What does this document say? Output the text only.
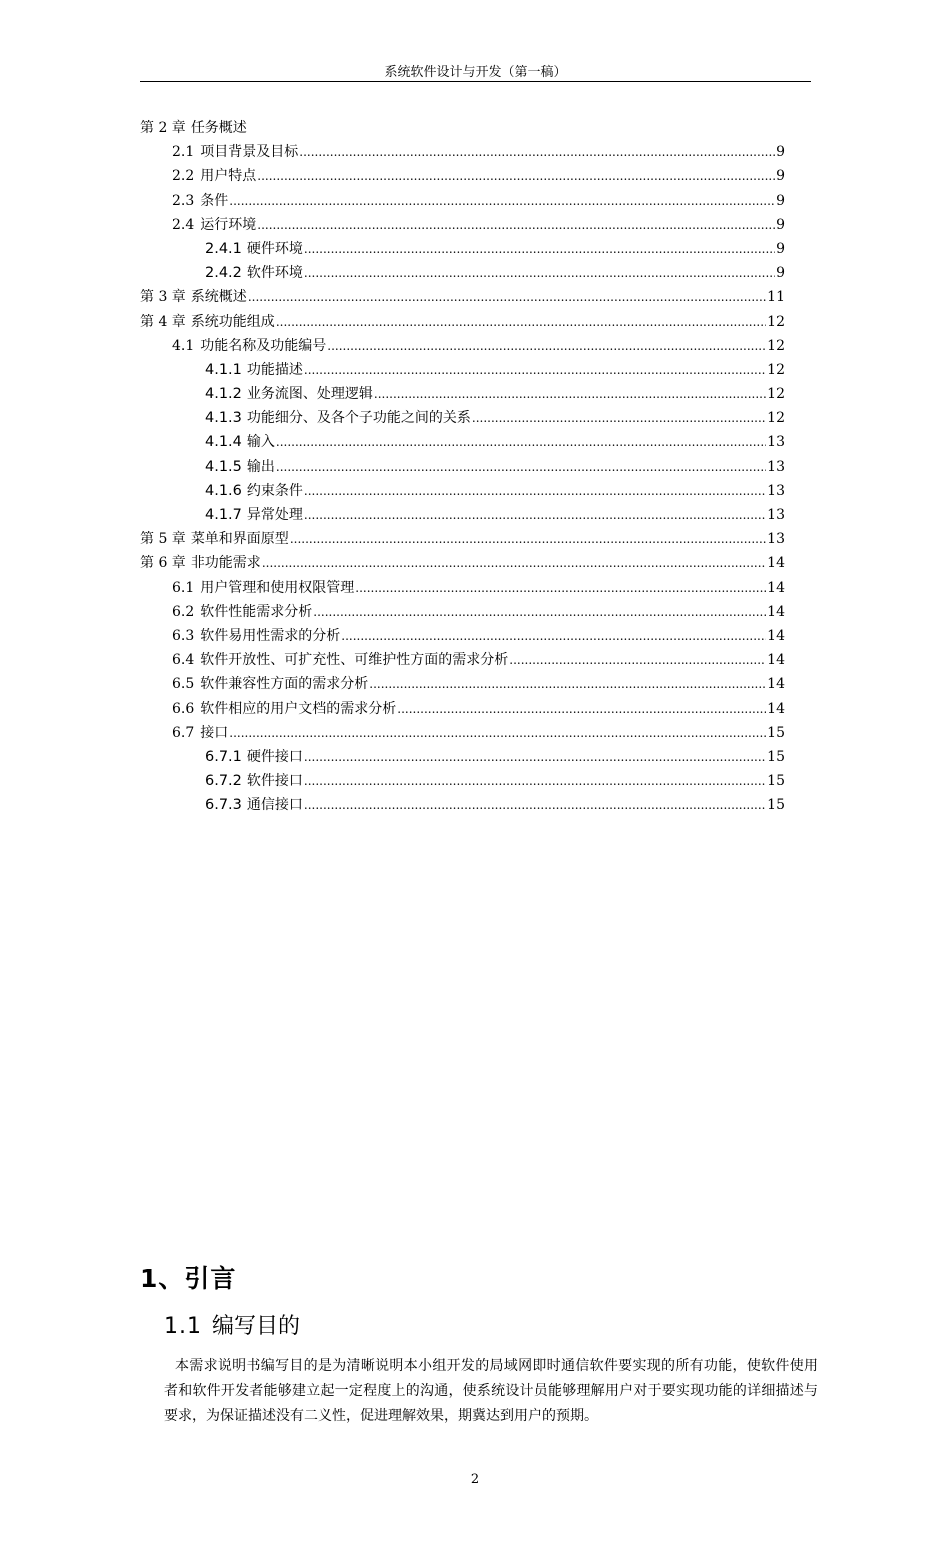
系统软件设计与开发（第一稿）
第 2 章 任务概述
2.1 项目背景及目标 .....	9
2.2 用户特点 .....	9
2.3 条件 .....	9
2.4 运行环境 .....	9
2.4.1 硬件环境 .....	9
2.4.2 软件环境 .....	9
第 3 章 系统概述 .....	11
第 4 章 系统功能组成 .....	12
4.1 功能名称及功能编号 .....	12
4.1.1 功能描述 .....	12
4.1.2 业务流图、处理逻辑 .....	12
4.1.3 功能细分、及各个子功能之间的关系 .....	12
4.1.4 输入 .....	13
4.1.5 输出 .....	13
4.1.6 约束条件 .....	13
4.1.7 异常处理 .....	13
第 5 章 菜单和界面原型 .....	13
第 6 章 非功能需求 .....	14
6.1 用户管理和使用权限管理 .....	14
6.2 软件性能需求分析 .....	14
6.3 软件易用性需求的分析 .....	14
6.4 软件开放性、可扩充性、可维护性方面的需求分析 .....	14
6.5 软件兼容性方面的需求分析 .....	14
6.6 软件相应的用户文档的需求分析 .....	14
6.7 接口 .....	15
6.7.1 硬件接口 .....	15
6.7.2 软件接口 .....	15
6.7.3 通信接口 .....	15
1、引言
1.1 编写目的
本需求说明书编写目的是为清晰说明本小组开发的局域网即时通信软件要实现的所有功能，使软件使用者和软件开发者能够建立起一定程度上的沟通，使系统设计员能够理解用户对于要实现功能的详细描述与要求，为保证描述没有二义性，促进理解效果，期冀达到用户的预期。
2
